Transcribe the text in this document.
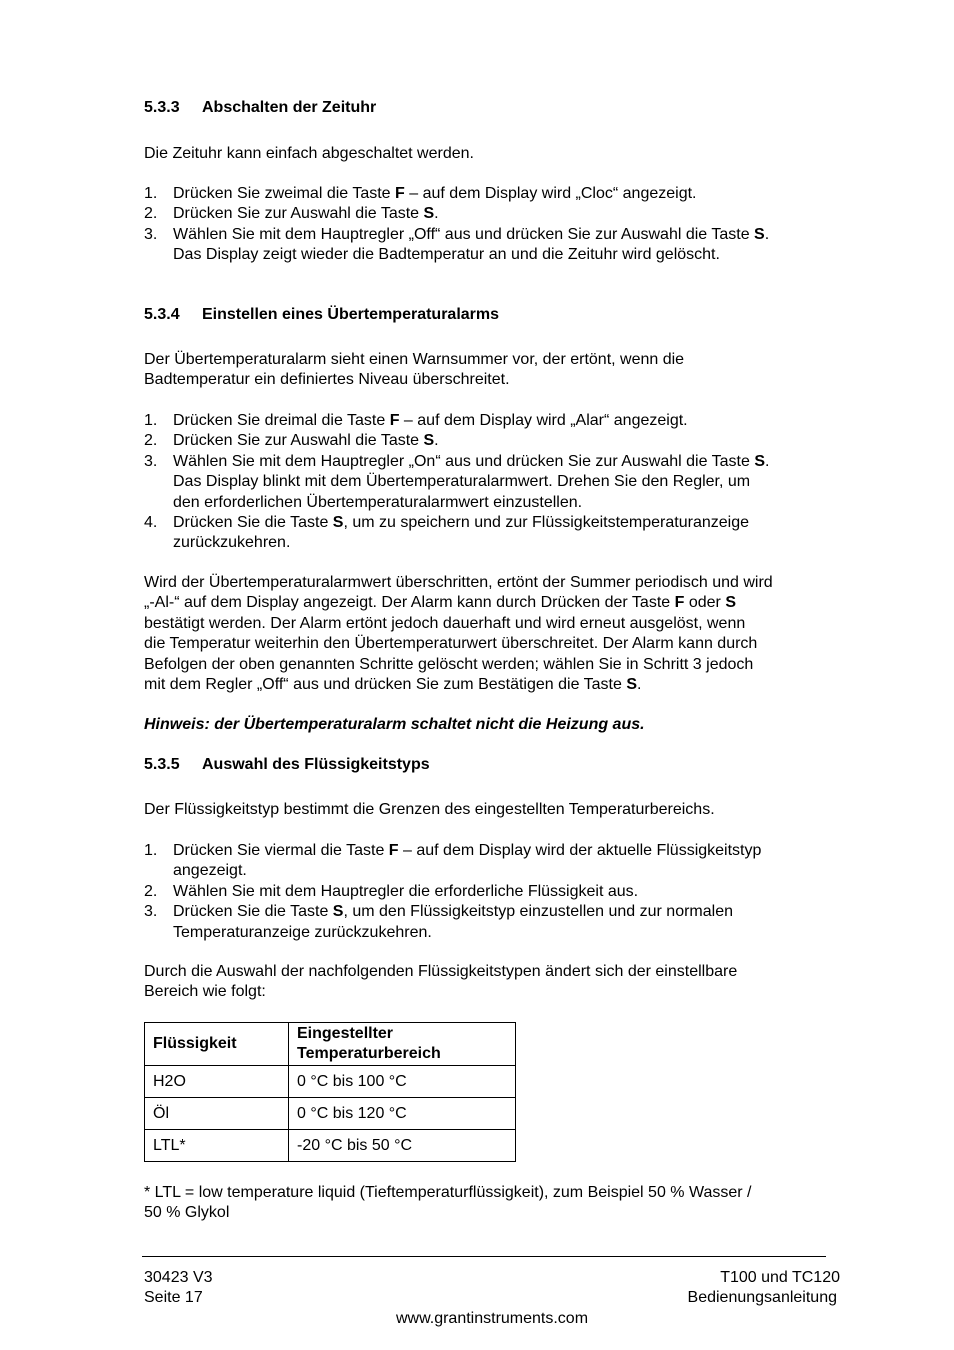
5.3.3 Abschalten der Zeituhr
Die Zeituhr kann einfach abgeschaltet werden.
1. Drücken Sie zweimal die Taste F – auf dem Display wird „Cloc“ angezeigt.
2. Drücken Sie zur Auswahl die Taste S.
3. Wählen Sie mit dem Hauptregler „Off“ aus und drücken Sie zur Auswahl die Taste S.
Das Display zeigt wieder die Badtemperatur an und die Zeituhr wird gelöscht.
5.3.4 Einstellen eines Übertemperaturalarms
Der Übertemperaturalarm sieht einen Warnsummer vor, der ertönt, wenn die
Badtemperatur ein definiertes Niveau überschreitet.
1. Drücken Sie dreimal die Taste F – auf dem Display wird „Alar“ angezeigt.
2. Drücken Sie zur Auswahl die Taste S.
3. Wählen Sie mit dem Hauptregler „On“ aus und drücken Sie zur Auswahl die Taste S.
Das Display blinkt mit dem Übertemperaturalarmwert. Drehen Sie den Regler, um
den erforderlichen Übertemperaturalarmwert einzustellen.
4. Drücken Sie die Taste S, um zu speichern und zur Flüssigkeitstemperaturanzeige
zurückzukehren.
Wird der Übertemperaturalarmwert überschritten, ertönt der Summer periodisch und wird
„-Al-“ auf dem Display angezeigt. Der Alarm kann durch Drücken der Taste F oder S
bestätigt werden. Der Alarm ertönt jedoch dauerhaft und wird erneut ausgelöst, wenn
die Temperatur weiterhin den Übertemperaturwert überschreitet. Der Alarm kann durch
Befolgen der oben genannten Schritte gelöscht werden; wählen Sie in Schritt 3 jedoch
mit dem Regler „Off“ aus und drücken Sie zum Bestätigen die Taste S.
Hinweis: der Übertemperaturalarm schaltet nicht die Heizung aus.
5.3.5 Auswahl des Flüssigkeitstyps
Der Flüssigkeitstyp bestimmt die Grenzen des eingestellten Temperaturbereichs.
1. Drücken Sie viermal die Taste F – auf dem Display wird der aktuelle Flüssigkeitstyp
angezeigt.
2. Wählen Sie mit dem Hauptregler die erforderliche Flüssigkeit aus.
3. Drücken Sie die Taste S, um den Flüssigkeitstyp einzustellen und zur normalen
Temperaturanzeige zurückzukehren.
Durch die Auswahl der nachfolgenden Flüssigkeitstypen ändert sich der einstellbare
Bereich wie folgt:
Flüssigkeit	Eingestellter
Temperaturbereich

H2O	0 °C bis 100 °C
Öl	0 °C bis 120 °C
LTL*	-20 °C bis 50 °C
* LTL = low temperature liquid (Tieftemperaturflüssigkeit), zum Beispiel 50 % Wasser /
50 % Glykol
30423 V3
Seite 17
T100 und TC120
Bedienungsanleitung
www.grantinstruments.com
